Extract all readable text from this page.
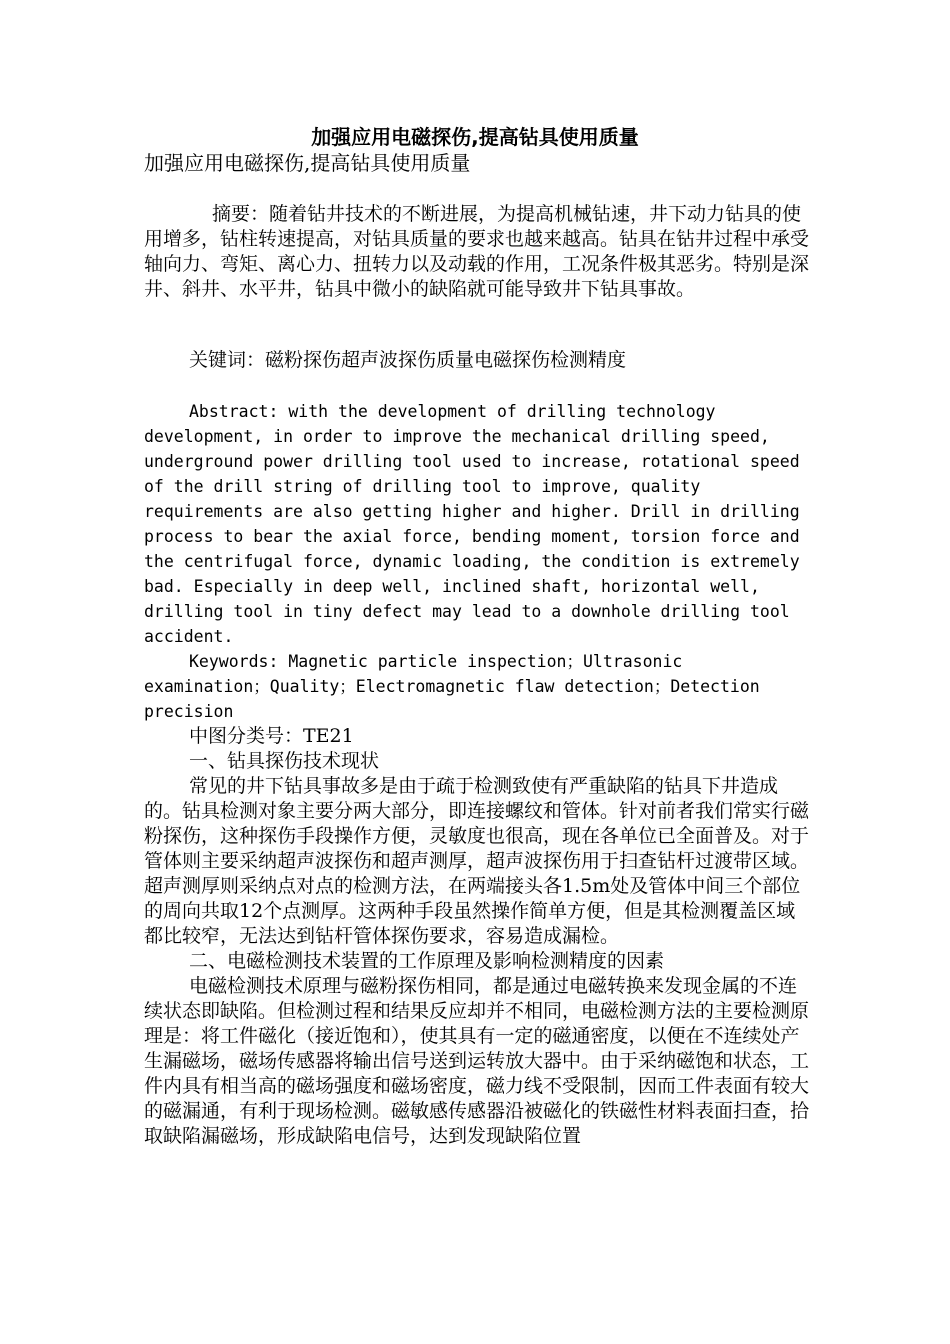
加强应用电磁探伤,提高钻具使用质量

加强应用电磁探伤,提高钻具使用质量

摘要：随着钻井技术的不断进展，为提高机械钻速，井下动力钻具的使用增多，钻柱转速提高，对钻具质量的要求也越来越高。钻具在钻井过程中承受轴向力、弯矩、离心力、扭转力以及动载的作用，工况条件极其恶劣。特别是深井、斜井、水平井，钻具中微小的缺陷就可能导致井下钻具事故。

关键词：磁粉探伤超声波探伤质量电磁探伤检测精度

Abstract: with the development of drilling technology development, in order to improve the mechanical drilling speed, underground power drilling tool used to increase, rotational speed of the drill string of drilling tool to improve, quality requirements are also getting higher and higher. Drill in drilling process to bear the axial force, bending moment, torsion force and the centrifugal force, dynamic loading, the condition is extremely bad. Especially in deep well, inclined shaft, horizontal well, drilling tool in tiny defect may lead to a downhole drilling tool accident.

Keywords: Magnetic particle inspection；Ultrasonic examination；Quality；Electromagnetic flaw detection；Detection precision

中图分类号：TE21

一、钻具探伤技术现状

常见的井下钻具事故多是由于疏于检测致使有严重缺陷的钻具下井造成的。钻具检测对象主要分两大部分，即连接螺纹和管体。针对前者我们常实行磁粉探伤，这种探伤手段操作方便，灵敏度也很高，现在各单位已全面普及。对于管体则主要采纳超声波探伤和超声测厚，超声波探伤用于扫查钻杆过渡带区域。超声测厚则采纳点对点的检测方法，在两端接头各1.5m处及管体中间三个部位的周向共取12个点测厚。这两种手段虽然操作简单方便，但是其检测覆盖区域都比较窄，无法达到钻杆管体探伤要求，容易造成漏检。

二、电磁检测技术装置的工作原理及影响检测精度的因素

电磁检测技术原理与磁粉探伤相同，都是通过电磁转换来发现金属的不连续状态即缺陷。但检测过程和结果反应却并不相同，电磁检测方法的主要检测原理是：将工件磁化（接近饱和），使其具有一定的磁通密度，以便在不连续处产生漏磁场，磁场传感器将输出信号送到运转放大器中。由于采纳磁饱和状态，工件内具有相当高的磁场强度和磁场密度，磁力线不受限制，因而工件表面有较大的磁漏通，有利于现场检测。磁敏感传感器沿被磁化的铁磁性材料表面扫查，拾取缺陷漏磁场，形成缺陷电信号，达到发现缺陷位置
